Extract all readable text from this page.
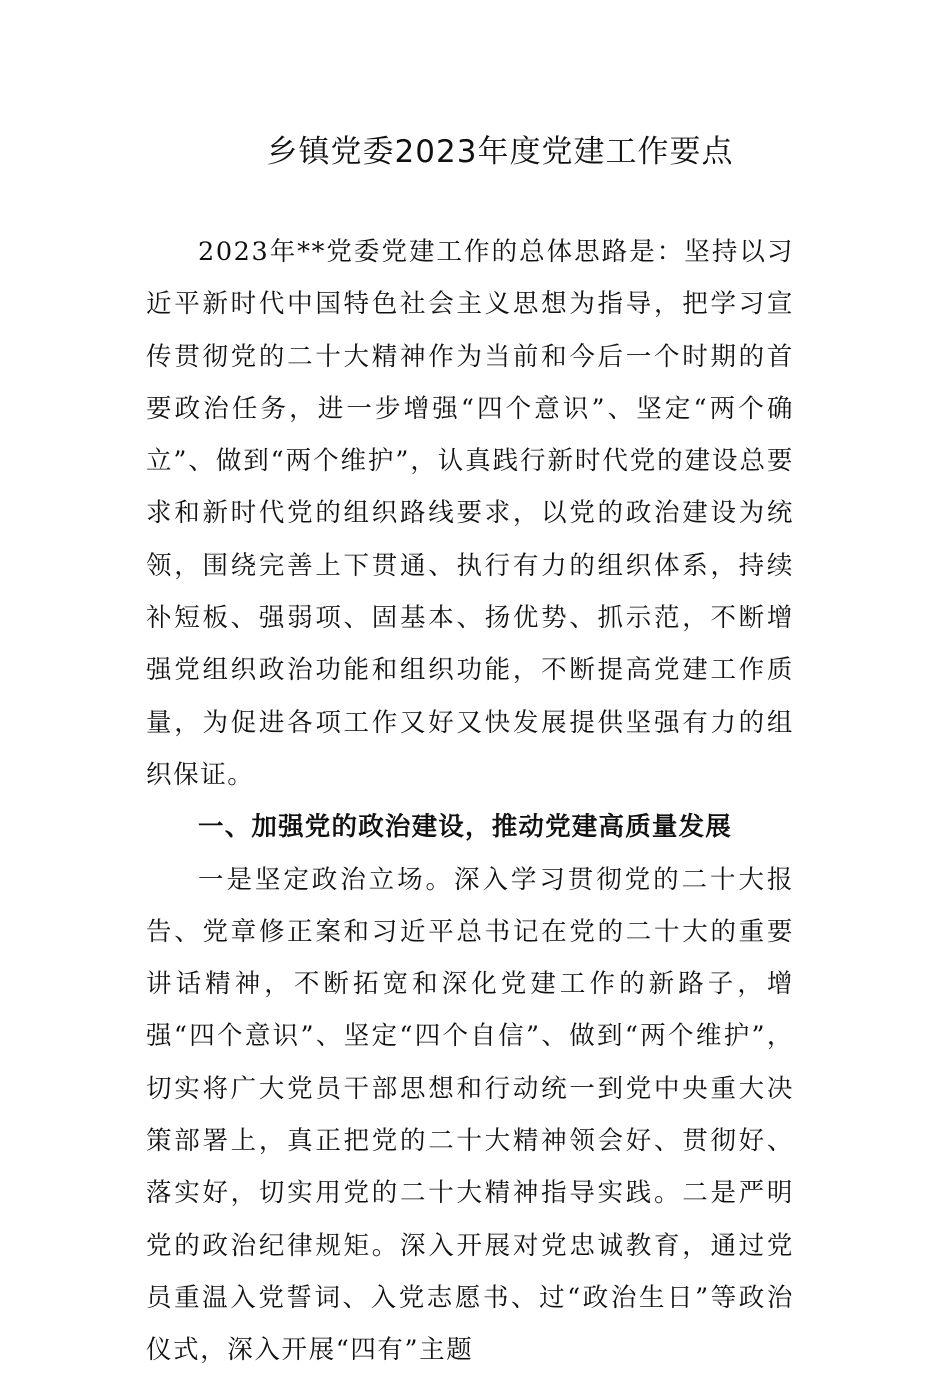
乡镇党委2023年度党建工作要点

2023年**党委党建工作的总体思路是：坚持以习近平新时代中国特色社会主义思想为指导，把学习宣传贯彻党的二十大精神作为当前和今后一个时期的首要政治任务，进一步增强“四个意识”、坚定“两个确立”、做到“两个维护”，认真践行新时代党的建设总要求和新时代党的组织路线要求，以党的政治建设为统领，围绕完善上下贯通、执行有力的组织体系，持续补短板、强弱项、固基本、扬优势、抓示范，不断增强党组织政治功能和组织功能，不断提高党建工作质量，为促进各项工作又好又快发展提供坚强有力的组织保证。

一、加强党的政治建设，推动党建高质量发展

一是坚定政治立场。深入学习贯彻党的二十大报告、党章修正案和习近平总书记在党的二十大的重要讲话精神，不断拓宽和深化党建工作的新路子，增强“四个意识”、坚定“四个自信”、做到“两个维护”，切实将广大党员干部思想和行动统一到党中央重大决策部署上，真正把党的二十大精神领会好、贯彻好、落实好，切实用党的二十大精神指导实践。二是严明党的政治纪律规矩。深入开展对党忠诚教育，通过党员重温入党誓词、入党志愿书、过“政治生日”等政治仪式，深入开展“四有”主题
